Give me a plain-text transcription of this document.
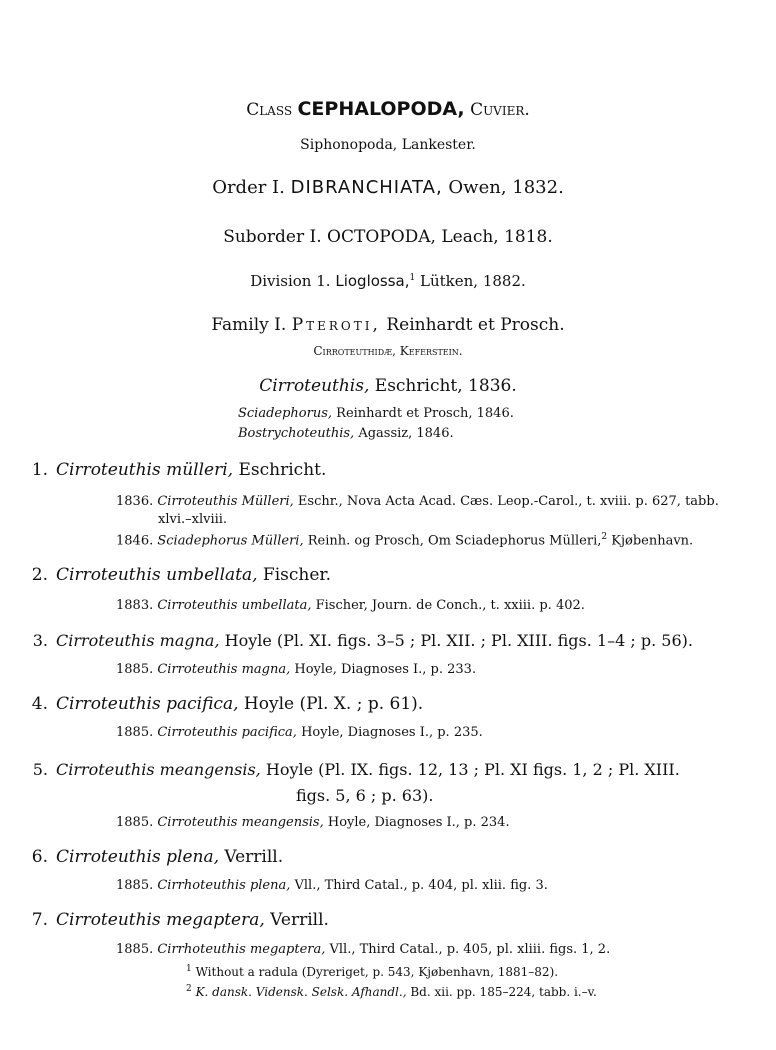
Class CEPHALOPODA, Cuvier.
Siphonopoda, Lankester.
Order I. DIBRANCHIATA, Owen, 1832.
Suborder I. OCTOPODA, Leach, 1818.
Division 1. Lioglossa,$^1$ Lütken, 1882.
Family I. Pteroti, Reinhardt et Prosch.
Cirroteuthidæ, Keferstein.
Cirroteuthis, Eschricht, 1836.
Sciadephorus, Reinhardt et Prosch, 1846.
Bostrychoteuthis, Agassiz, 1846.
1. Cirroteuthis mülleri, Eschricht.
1836. Cirroteuthis Mülleri, Eschr., Nova Acta Acad. Cæs. Leop.-Carol., t. xviii. p. 627, tabb.
xlvi.–xlviii.
1846. Sciadephorus Mülleri, Reinh. og Prosch, Om Sciadephorus Mülleri,$^2$ Kjøbenhavn.
2. Cirroteuthis umbellata, Fischer.
1883. Cirroteuthis umbellata, Fischer, Journ. de Conch., t. xxiii. p. 402.
3. Cirroteuthis magna, Hoyle (Pl. XI. figs. 3–5 ; Pl. XII. ; Pl. XIII. figs. 1–4 ; p. 56).
1885. Cirroteuthis magna, Hoyle, Diagnoses I., p. 233.
4. Cirroteuthis pacifica, Hoyle (Pl. X. ; p. 61).
1885. Cirroteuthis pacifica, Hoyle, Diagnoses I., p. 235.
5. Cirroteuthis meangensis, Hoyle (Pl. IX. figs. 12, 13 ; Pl. XI figs. 1, 2 ; Pl. XIII.
figs. 5, 6 ; p. 63).
1885. Cirroteuthis meangensis, Hoyle, Diagnoses I., p. 234.
6. Cirroteuthis plena, Verrill.
1885. Cirrhoteuthis plena, Vll., Third Catal., p. 404, pl. xlii. fig. 3.
7. Cirroteuthis megaptera, Verrill.
1885. Cirrhoteuthis megaptera, Vll., Third Catal., p. 405, pl. xliii. figs. 1, 2.
$^1$ Without a radula (Dyreriget, p. 543, Kjøbenhavn, 1881–82).
$^2$ K. dansk. Vidensk. Selsk. Afhandl., Bd. xii. pp. 185–224, tabb. i.–v.
